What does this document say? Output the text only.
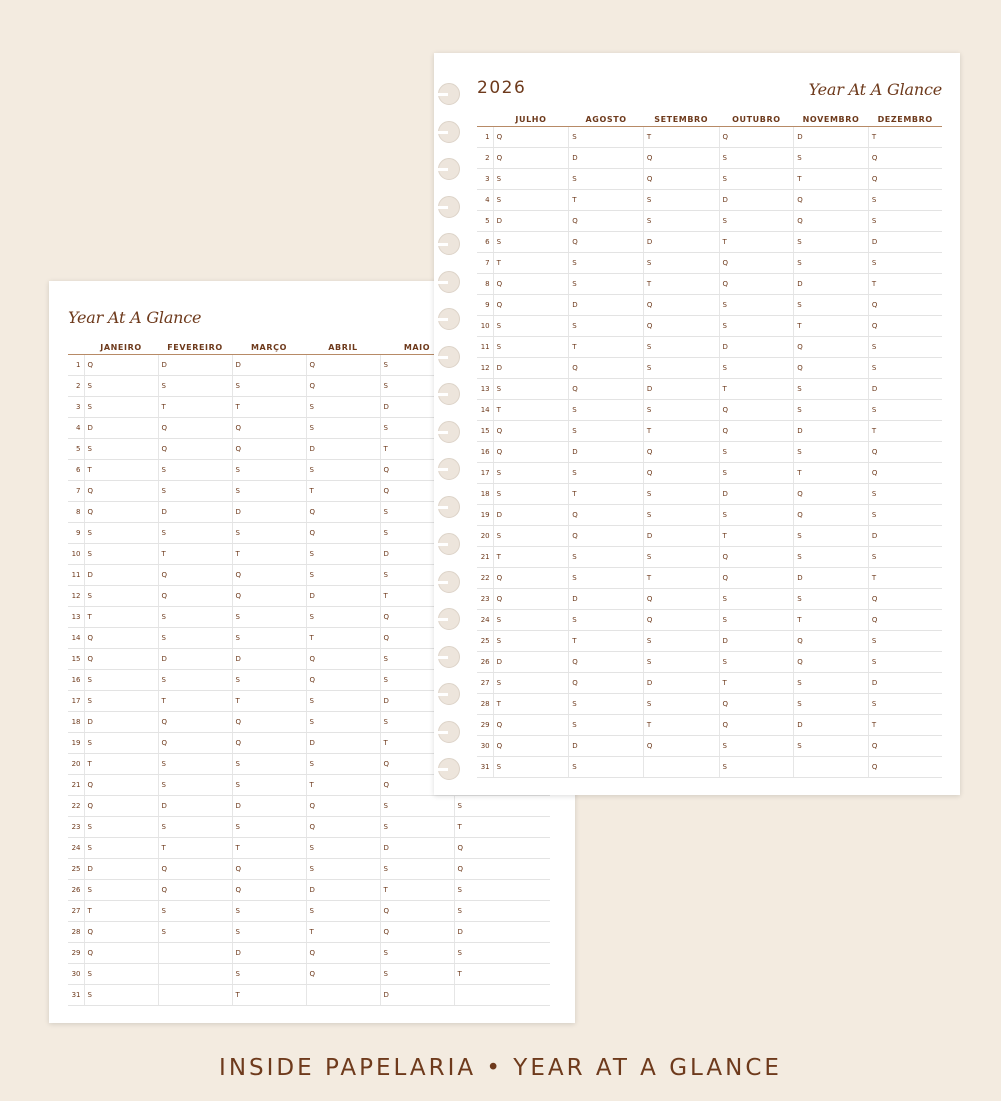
Year At A Glance
	JANEIRO	FEVEREIRO	MARÇO	ABRIL	MAIO	
1	Q	D	D	Q	S	
2	S	S	S	Q	S	
3	S	T	T	S	D	
4	D	Q	Q	S	S	
5	S	Q	Q	D	T	
6	T	S	S	S	Q	
7	Q	S	S	T	Q	
8	Q	D	D	Q	S	
9	S	S	S	Q	S	
10	S	T	T	S	D	
11	D	Q	Q	S	S	
12	S	Q	Q	D	T	
13	T	S	S	S	Q	
14	Q	S	S	T	Q	
15	Q	D	D	Q	S	
16	S	S	S	Q	S	
17	S	T	T	S	D	
18	D	Q	Q	S	S	
19	S	Q	Q	D	T	
20	T	S	S	S	Q	
21	Q	S	S	T	Q	
22	Q	D	D	Q	S	S
23	S	S	S	Q	S	T
24	S	T	T	S	D	Q
25	D	Q	Q	S	S	Q
26	S	Q	Q	D	T	S
27	T	S	S	S	Q	S
28	Q	S	S	T	Q	D
29	Q		D	Q	S	S
30	S		S	Q	S	T
31	S		T		D	
2026	Year At A Glance
	JULHO	AGOSTO	SETEMBRO	OUTUBRO	NOVEMBRO	DEZEMBRO
1	Q	S	T	Q	D	T
2	Q	D	Q	S	S	Q
3	S	S	Q	S	T	Q
4	S	T	S	D	Q	S
5	D	Q	S	S	Q	S
6	S	Q	D	T	S	D
7	T	S	S	Q	S	S
8	Q	S	T	Q	D	T
9	Q	D	Q	S	S	Q
10	S	S	Q	S	T	Q
11	S	T	S	D	Q	S
12	D	Q	S	S	Q	S
13	S	Q	D	T	S	D
14	T	S	S	Q	S	S
15	Q	S	T	Q	D	T
16	Q	D	Q	S	S	Q
17	S	S	Q	S	T	Q
18	S	T	S	D	Q	S
19	D	Q	S	S	Q	S
20	S	Q	D	T	S	D
21	T	S	S	Q	S	S
22	Q	S	T	Q	D	T
23	Q	D	Q	S	S	Q
24	S	S	Q	S	T	Q
25	S	T	S	D	Q	S
26	D	Q	S	S	Q	S
27	S	Q	D	T	S	D
28	T	S	S	Q	S	S
29	Q	S	T	Q	D	T
30	Q	D	Q	S	S	Q
31	S	S		S		Q
INSIDE PAPELARIA • YEAR AT A GLANCE
